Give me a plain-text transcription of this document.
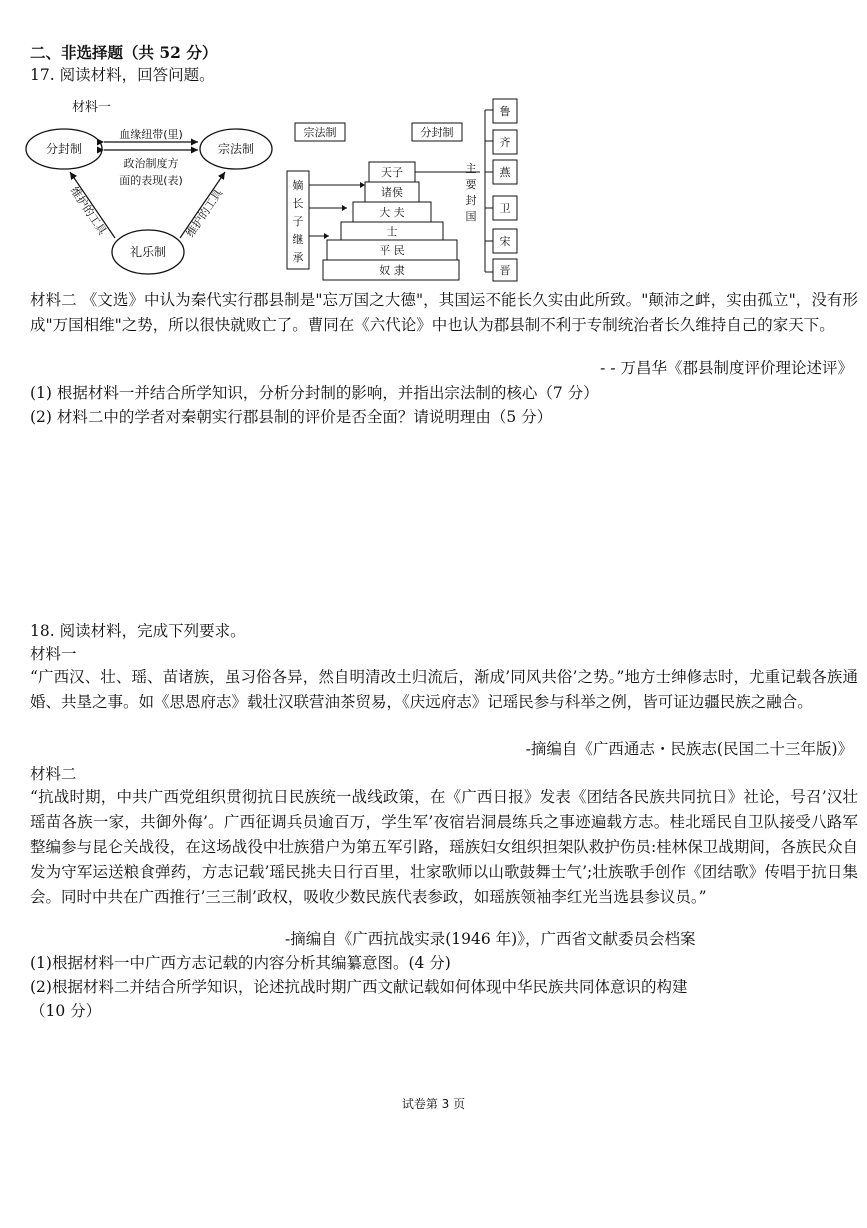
二、非选择题（共 52 分）
17. 阅读材料，回答问题。
材料一
分封制	宗法制
礼乐制
血缘纽带(里)
政治制度方
面的表现(表)
维护的工具	维护的工具
宗法制	分封制
嫡
长
子
继
承
天子
诸侯
大 夫
士
平 民
奴 隶
主
要
封
国
鲁
齐
燕
卫
宋
晋
材料二 《文选》中认为秦代实行郡县制是"忘万国之大德"，其国运不能长久实由此所致。"颠沛之衅，实由孤立"，没有形成"万国相维"之势，所以很快就败亡了。曹同在《六代论》中也认为郡县制不利于专制统治者长久维持自己的家天下。
- - 万昌华《郡县制度评价理论述评》
(1) 根据材料一并结合所学知识，分析分封制的影响，并指出宗法制的核心（7 分）
(2) 材料二中的学者对秦朝实行郡县制的评价是否全面？请说明理由（5 分）
18. 阅读材料，完成下列要求。
材料一
“广西汉、壮、瑶、苗诸族，虽习俗各异，然自明清改土归流后，渐成’同风共俗’之势。”地方士绅修志时，尤重记载各族通婚、共垦之事。如《思恩府志》载壮汉联营油茶贸易，《庆远府志》记瑶民参与科举之例，皆可证边疆民族之融合。
-摘编自《广西通志・民族志(民国二十三年版)》
材料二
“抗战时期，中共广西党组织贯彻抗日民族统一战线政策，在《广西日报》发表《团结各民族共同抗日》社论，号召’汉壮瑶苗各族一家，共御外侮’。广西征调兵员逾百万，学生军’夜宿岩洞晨练兵之事迹遍载方志。桂北瑶民自卫队接受八路军整编参与昆仑关战役，在这场战役中壮族猎户为第五军引路，瑶族妇女组织担架队救护伤员:桂林保卫战期间，各族民众自发为守军运送粮食弹药，方志记载’瑶民挑夫日行百里，壮家歌师以山歌鼓舞士气’;壮族歌手创作《团结歌》传唱于抗日集会。同时中共在广西推行’三三制’政权，吸收少数民族代表参政，如瑶族领袖李红光当选县参议员。”
-摘编自《广西抗战实录(1946 年)》，广西省文献委员会档案
(1)根据材料一中广西方志记载的内容分析其编纂意图。(4 分)
(2)根据材料二并结合所学知识，论述抗战时期广西文献记载如何体现中华民族共同体意识的构建
（10 分）
试卷第 3 页
